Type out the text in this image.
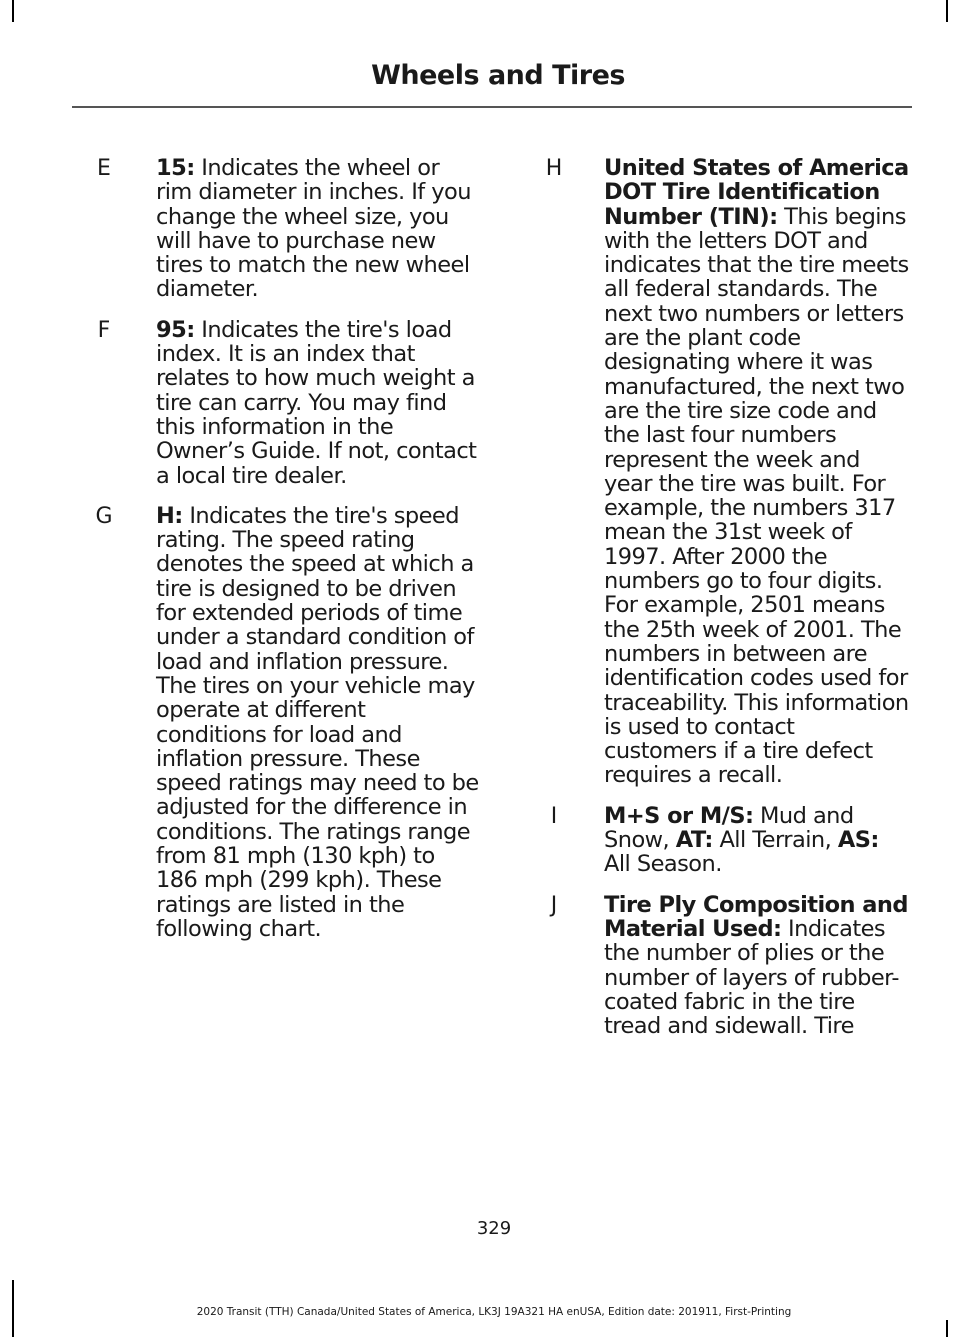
Wheels and Tires
E	15: Indicates the wheel or rim diameter in inches. If you change the wheel size, you will have to purchase new tires to match the new wheel diameter.
F	95: Indicates the tire's load index. It is an index that relates to how much weight a tire can carry. You may find this information in the Owner’s Guide. If not, contact a local tire dealer.
G	H: Indicates the tire's speed rating. The speed rating denotes the speed at which a tire is designed to be driven for extended periods of time under a standard condition of load and inflation pressure. The tires on your vehicle may operate at different conditions for load and inflation pressure. These speed ratings may need to be adjusted for the difference in conditions. The ratings range from 81 mph (130 kph) to 186 mph (299 kph). These ratings are listed in the following chart.
H	United States of America DOT Tire Identification Number (TIN): This begins with the letters DOT and indicates that the tire meets all federal standards. The next two numbers or letters are the plant code designating where it was manufactured, the next two are the tire size code and the last four numbers represent the week and year the tire was built. For example, the numbers 317 mean the 31st week of 1997. After 2000 the numbers go to four digits. For example, 2501 means the 25th week of 2001. The numbers in between are identification codes used for traceability. This information is used to contact customers if a tire defect requires a recall.
I	M+S or M/S: Mud and Snow, AT: All Terrain, AS: All Season.
J	Tire Ply Composition and Material Used: Indicates the number of plies or the number of layers of rubber-coated fabric in the tire tread and sidewall. Tire
329
2020 Transit (TTH) Canada/United States of America, LK3J 19A321 HA enUSA, Edition date: 201911, First-Printing
